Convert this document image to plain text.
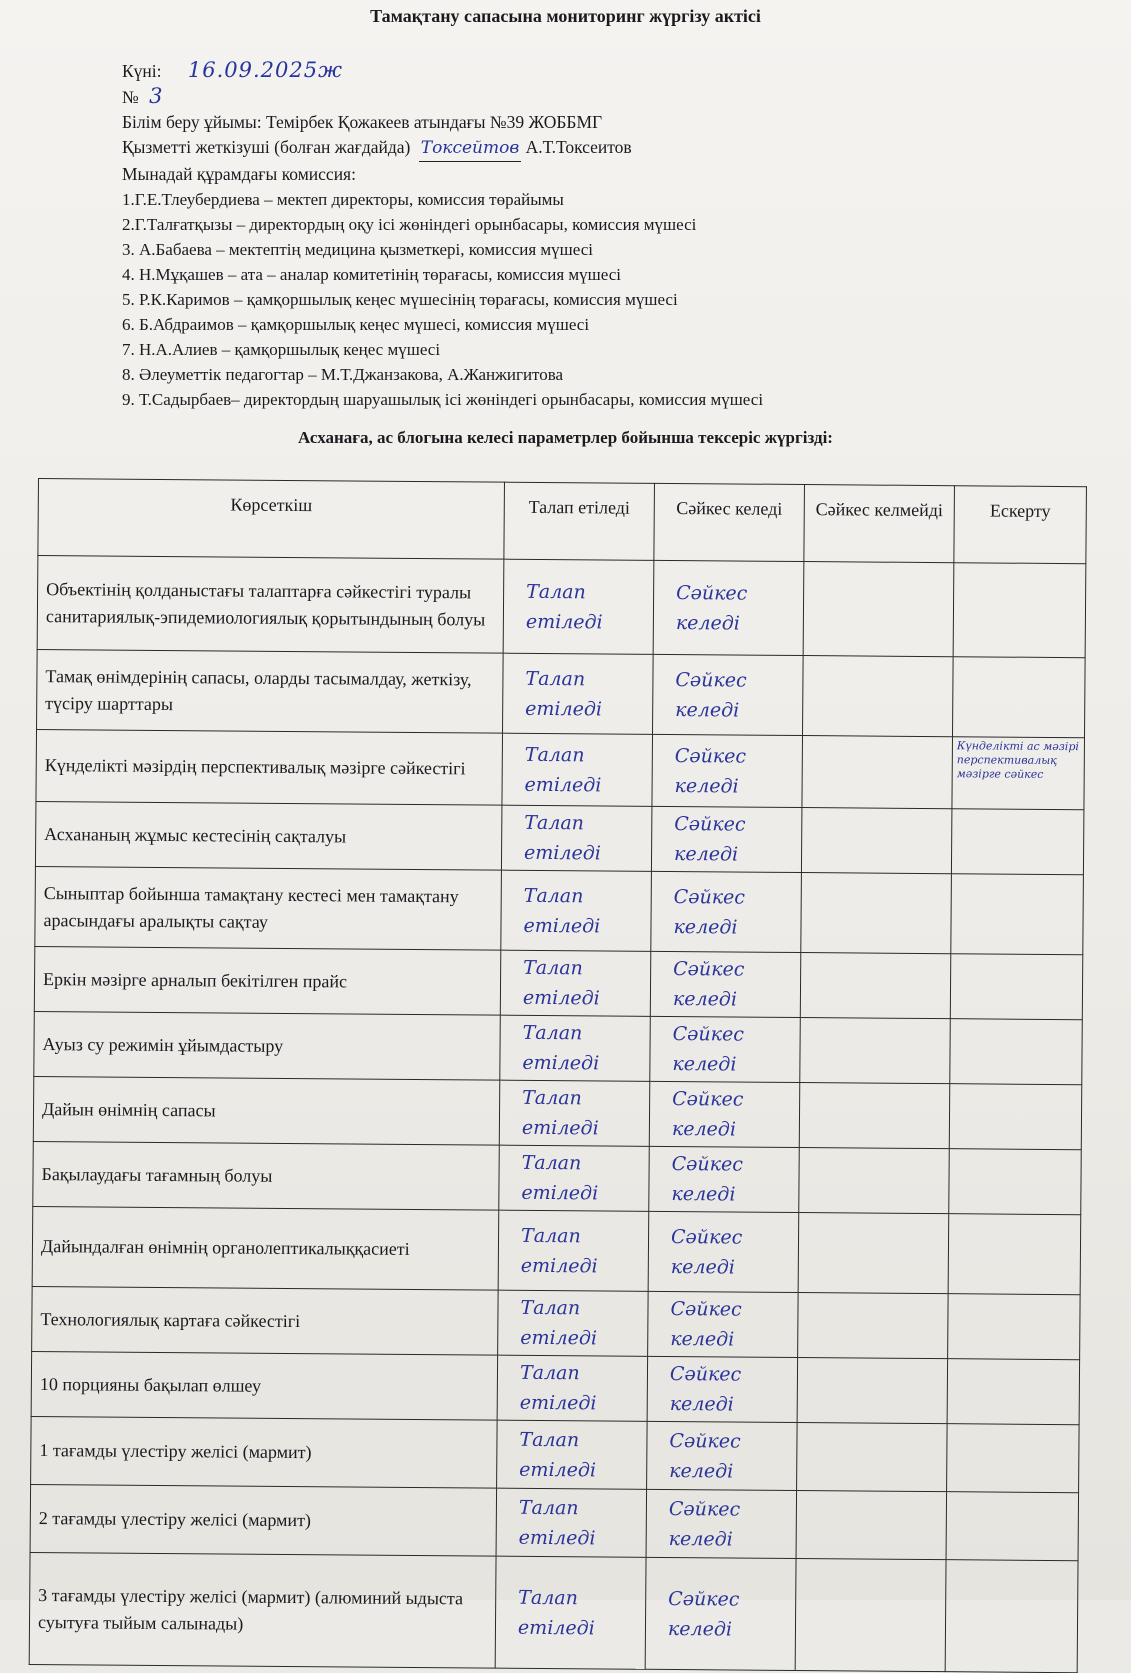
Тамақтану сапасына мониторинг жүргізу актісі
Күні: 16.09.2025ж
№ 3
Білім беру ұйымы: Темірбек Қожакеев атындағы №39 ЖОББМГ
Қызметті жеткізуші (болған жағдайда) Токсейтов А.Т.Токсеитов
Мынадай құрамдағы комиссия:
1.Г.Е.Тлеубердиева – мектеп директоры, комиссия төрайымы
2.Г.Талғатқызы – директордың оқу ісі жөніндегі орынбасары, комиссия мүшесі
3. А.Бабаева – мектептің медицина қызметкері, комиссия мүшесі
4. Н.Мұқашев – ата – аналар комитетінің төрағасы, комиссия мүшесі
5. Р.К.Каримов – қамқоршылық кеңес мүшесінің төрағасы, комиссия мүшесі
6. Б.Абдраимов – қамқоршылық кеңес мүшесі, комиссия мүшесі
7. Н.А.Алиев – қамқоршылық кеңес мүшесі
8. Әлеуметтік педагогтар – М.Т.Джанзакова, А.Жанжигитова
9. Т.Садырбаев– директордың шаруашылық ісі жөніндегі орынбасары, комиссия мүшесі
Асханаға, ас блогына келесі параметрлер бойынша тексеріс жүргізді:
Көрсеткіш	Талап етіледі	Сәйкес келеді	Сәйкес келмейді	Ескерту
Объектінің қолданыстағы талаптарға сәйкестігі туралы санитариялық-эпидемиологиялық қорытындының болуы	Талап етіледі	Сәйкес келеді		
Тамақ өнімдерінің сапасы, оларды тасымалдау, жеткізу, түсіру шарттары	Талап етіледі	Сәйкес келеді		
Күнделікті мәзірдің перспективалық мәзірге сәйкестігі	Талап етіледі	Сәйкес келеді		Күнделікті ас мәзірі перспективалық мәзірге сәйкес
Асхананың жұмыс кестесінің сақталуы	Талап етіледі	Сәйкес келеді		
Сыныптар бойынша тамақтану кестесі мен тамақтану арасындағы аралықты сақтау	Талап етіледі	Сәйкес келеді		
Еркін мәзірге арналып бекітілген прайс	Талап етіледі	Сәйкес келеді		
Ауыз су режимін ұйымдастыру	Талап етіледі	Сәйкес келеді		
Дайын өнімнің сапасы	Талап етіледі	Сәйкес келеді		
Бақылаудағы тағамның болуы	Талап етіледі	Сәйкес келеді		
Дайындалған өнімнің органолептикалыққасиеті	Талап етіледі	Сәйкес келеді		
Технологиялық картаға сәйкестігі	Талап етіледі	Сәйкес келеді		
10 порцияны бақылап өлшеу	Талап етіледі	Сәйкес келеді		
1 тағамды үлестіру желісі (мармит)	Талап етіледі	Сәйкес келеді		
2 тағамды үлестіру желісі (мармит)	Талап етіледі	Сәйкес келеді		
3 тағамды үлестіру желісі (мармит) (алюминий ыдыста суытуға тыйым салынады)	Талап етіледі	Сәйкес келеді		
